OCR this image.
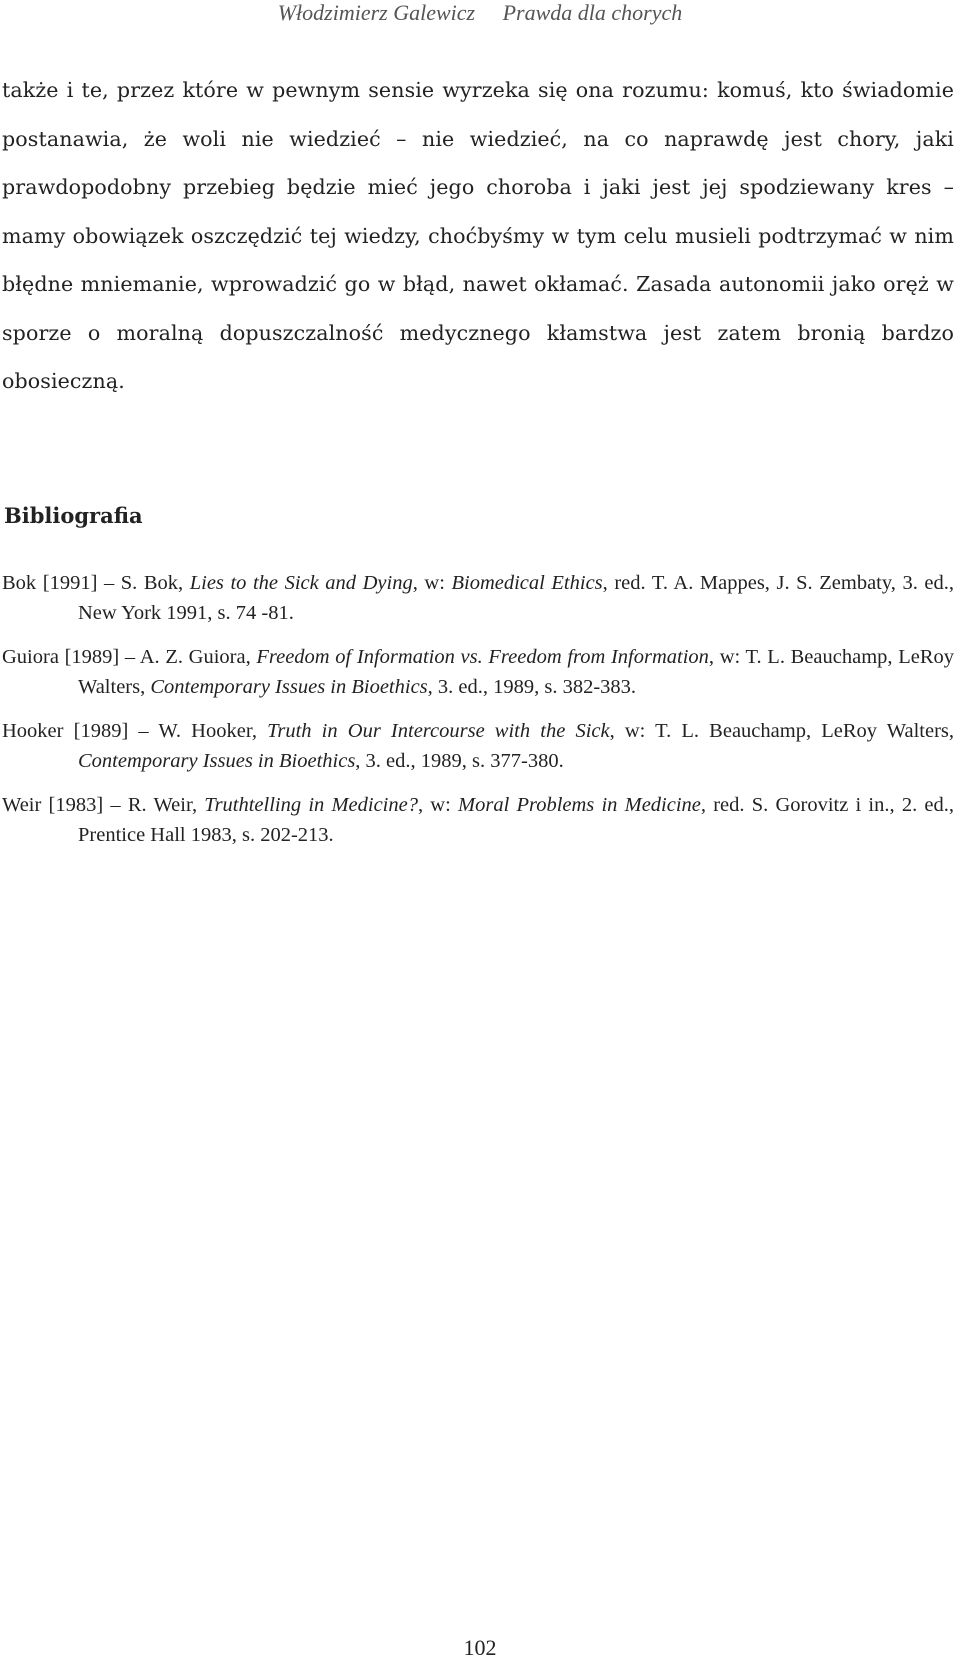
Włodzimierz Galewicz Prawda dla chorych

także i te, przez które w pewnym sensie wyrzeka się ona rozumu: komuś, kto świadomie postanawia, że woli nie wiedzieć – nie wiedzieć, na co naprawdę jest chory, jaki prawdopodobny przebieg będzie mieć jego choroba i jaki jest jej spodziewany kres – mamy obowiązek oszczędzić tej wiedzy, choćbyśmy w tym celu musieli podtrzymać w nim błędne mniemanie, wprowadzić go w błąd, nawet okłamać. Zasada autonomii jako oręż w sporze o moralną dopuszczalność medycznego kłamstwa jest zatem bronią bardzo obosieczną.

Bibliografia
Bok [1991] – S. Bok, Lies to the Sick and Dying, w: Biomedical Ethics, red. T. A. Mappes, J. S. Zembaty, 3. ed., New York 1991, s. 74 -81.
Guiora [1989] – A. Z. Guiora, Freedom of Information vs. Freedom from Information, w: T. L. Beauchamp, LeRoy Walters, Contemporary Issues in Bioethics, 3. ed., 1989, s. 382-383.
Hooker [1989] – W. Hooker, Truth in Our Intercourse with the Sick, w: T. L. Beauchamp, LeRoy Walters, Contemporary Issues in Bioethics, 3. ed., 1989, s. 377-380.
Weir [1983] – R. Weir, Truthtelling in Medicine?, w: Moral Problems in Medicine, red. S. Gorovitz i in., 2. ed., Prentice Hall 1983, s. 202-213.
102
